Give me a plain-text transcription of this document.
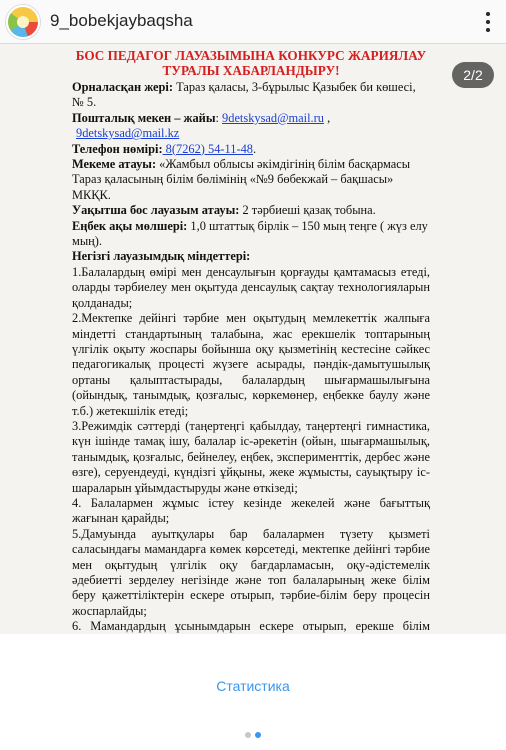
9_bobekjaybaqsha
БОС ПЕДАГОГ ЛАУАЗЫМЫНА КОНКУРС ЖАРИЯЛАУ
ТУРАЛЫ ХАБАРЛАНДЫРУ!

Орналасқан жері: Тараз қаласы, 3-бұрылыс Қазыбек би көшесі, № 5.

Пошталық мекен – жайы: 9detskysad@mail.ru ,

9detskysad@mail.kz

Телефон нөмірі: 8(7262) 54-11-48.

Мекеме атауы: «Жамбыл облысы әкімдігінің білім басқармасы Тараз қаласының білім бөлімінің «№9 бөбекжай – бақшасы» МКҚК.

Уақытша бос лауазым атауы: 2 тәрбиеші қазақ тобына.

Еңбек ақы мөлшері: 1,0 штаттық бірлік – 150 мың теңге ( жүз елу мың).

Негізгі лауазымдық міндеттері:

1.Балалардың өмірі мен денсаулығын қорғауды қамтамасыз етеді, оларды тәрбиелеу мен оқытуда денсаулық сақтау технологияларын қолданады;

2.Мектепке дейінгі тәрбие мен оқытудың мемлекеттік жалпыға міндетті стандартының талабына, жас ерекшелік топтарының үлгілік оқыту жоспары бойынша оқу қызметінің кестесіне сәйкес педагогикалық процесті жүзеге асырады, пәндік-дамытушылық ортаны қалыптастырады, балалардың шығармашылығына (ойындық, танымдық, қозғалыс, көркемөнер, еңбекке баулу және т.б.) жетекшілік етеді;

3.Режимдік сәттерді (таңертеңгі қабылдау, таңертеңгі гимнастика, күн ішінде тамақ ішу, балалар іс-әрекетін (ойын, шығармашылық, танымдық, қозғалыс, бейнелеу, еңбек, эксперименттік, дербес және өзге), серуендеуді, күндізгі ұйқыны, жеке жұмысты, сауықтыру іс-шараларын ұйымдастыруды және өткізеді;

4. Балалармен жұмыс істеу кезінде жекелей және бағыттық жағынан қарайды;

5.Дамуында ауытқулары бар балалармен түзету қызметі саласындағы мамандарға көмек көрсетеді, мектепке дейінгі тәрбие мен оқытудың үлгілік оқу бағдарламасын, оқу-әдістемелік әдебиетті зерделеу негізінде және топ балаларының жеке білім беру қажеттіліктерін ескере отырып, тәрбие-білім беру процесін жоспарлайды;

6. Мамандардың ұсынымдарын ескере отырып, ерекше білім

2/2
Статистика
